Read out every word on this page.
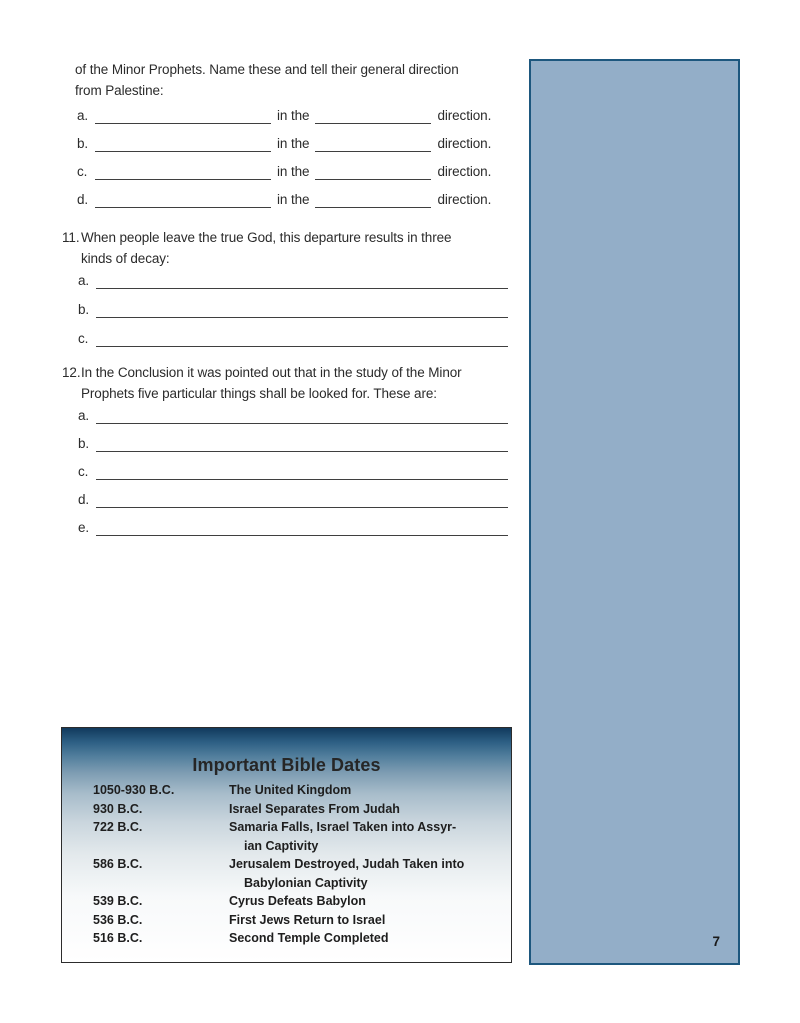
of the Minor Prophets. Name these and tell their general direction
from Palestine:
a.	in the	direction.
b.	in the	direction.
c.	in the	direction.
d.	in the	direction.
11. When people leave the true God, this departure results in three
kinds of decay:
a.
b.
c.
12.In the Conclusion it was pointed out that in the study of the Minor
Prophets five particular things shall be looked for. These are:
a.
b.
c.
d.
e.
Important Bible Dates
1050-930 B.C.	The United Kingdom
930 B.C.	Israel Separates From Judah
722 B.C.	Samaria Falls, Israel Taken into Assyr-
ian Captivity
586 B.C.	Jerusalem Destroyed, Judah Taken into
Babylonian Captivity
539 B.C.	Cyrus Defeats Babylon
536 B.C.	First Jews Return to Israel
516 B.C.	Second Temple Completed	7
